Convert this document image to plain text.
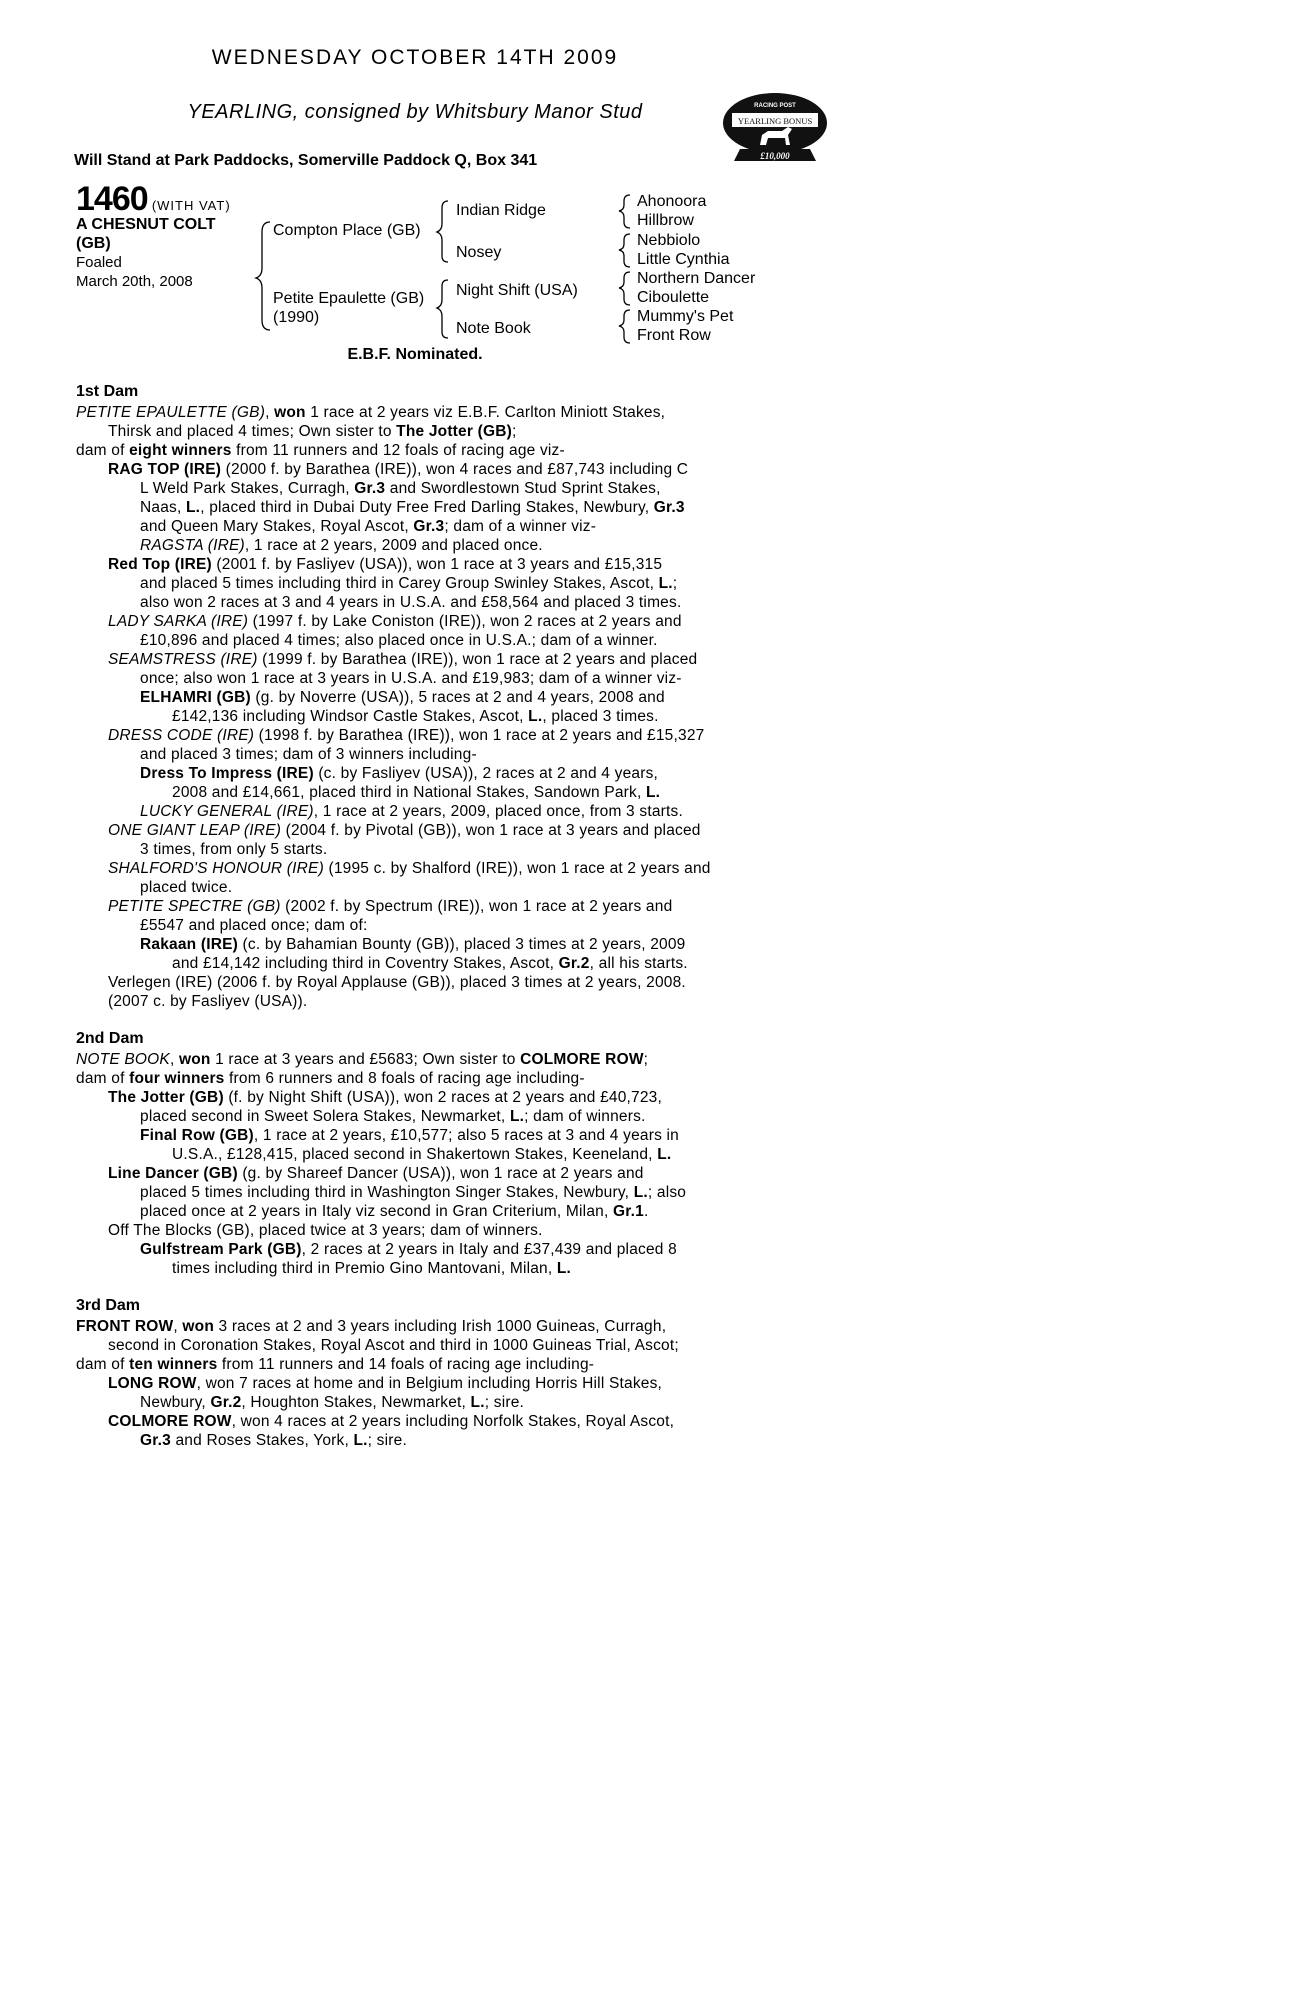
WEDNESDAY OCTOBER 14TH 2009
YEARLING, consigned by Whitsbury Manor Stud
Will Stand at Park Paddocks, Somerville Paddock Q, Box 341
RACING POST
YEARLING BONUS
£10,000
1460 (WITH VAT)
A CHESNUT COLT
(GB)
Foaled
March 20th, 2008
Compton Place (GB)
Petite Epaulette (GB)
(1990)
Indian Ridge
Nosey
Night Shift (USA)
Note Book
Ahonoora
Hillbrow
Nebbiolo
Little Cynthia
Northern Dancer
Ciboulette
Mummy's Pet
Front Row
E.B.F. Nominated.
1st Dam
PETITE EPAULETTE (GB), won 1 race at 2 years viz E.B.F. Carlton Miniott Stakes,
Thirsk and placed 4 times; Own sister to The Jotter (GB);
dam of eight winners from 11 runners and 12 foals of racing age viz-
RAG TOP (IRE) (2000 f. by Barathea (IRE)), won 4 races and £87,743 including C
L Weld Park Stakes, Curragh, Gr.3 and Swordlestown Stud Sprint Stakes,
Naas, L., placed third in Dubai Duty Free Fred Darling Stakes, Newbury, Gr.3
and Queen Mary Stakes, Royal Ascot, Gr.3; dam of a winner viz-
RAGSTA (IRE), 1 race at 2 years, 2009 and placed once.
Red Top (IRE) (2001 f. by Fasliyev (USA)), won 1 race at 3 years and £15,315
and placed 5 times including third in Carey Group Swinley Stakes, Ascot, L.;
also won 2 races at 3 and 4 years in U.S.A. and £58,564 and placed 3 times.
LADY SARKA (IRE) (1997 f. by Lake Coniston (IRE)), won 2 races at 2 years and
£10,896 and placed 4 times; also placed once in U.S.A.; dam of a winner.
SEAMSTRESS (IRE) (1999 f. by Barathea (IRE)), won 1 race at 2 years and placed
once; also won 1 race at 3 years in U.S.A. and £19,983; dam of a winner viz-
ELHAMRI (GB) (g. by Noverre (USA)), 5 races at 2 and 4 years, 2008 and
£142,136 including Windsor Castle Stakes, Ascot, L., placed 3 times.
DRESS CODE (IRE) (1998 f. by Barathea (IRE)), won 1 race at 2 years and £15,327
and placed 3 times; dam of 3 winners including-
Dress To Impress (IRE) (c. by Fasliyev (USA)), 2 races at 2 and 4 years,
2008 and £14,661, placed third in National Stakes, Sandown Park, L.
LUCKY GENERAL (IRE), 1 race at 2 years, 2009, placed once, from 3 starts.
ONE GIANT LEAP (IRE) (2004 f. by Pivotal (GB)), won 1 race at 3 years and placed
3 times, from only 5 starts.
SHALFORD'S HONOUR (IRE) (1995 c. by Shalford (IRE)), won 1 race at 2 years and
placed twice.
PETITE SPECTRE (GB) (2002 f. by Spectrum (IRE)), won 1 race at 2 years and
£5547 and placed once; dam of:
Rakaan (IRE) (c. by Bahamian Bounty (GB)), placed 3 times at 2 years, 2009
and £14,142 including third in Coventry Stakes, Ascot, Gr.2, all his starts.
Verlegen (IRE) (2006 f. by Royal Applause (GB)), placed 3 times at 2 years, 2008.
(2007 c. by Fasliyev (USA)).
2nd Dam
NOTE BOOK, won 1 race at 3 years and £5683; Own sister to COLMORE ROW;
dam of four winners from 6 runners and 8 foals of racing age including-
The Jotter (GB) (f. by Night Shift (USA)), won 2 races at 2 years and £40,723,
placed second in Sweet Solera Stakes, Newmarket, L.; dam of winners.
Final Row (GB), 1 race at 2 years, £10,577; also 5 races at 3 and 4 years in
U.S.A., £128,415, placed second in Shakertown Stakes, Keeneland, L.
Line Dancer (GB) (g. by Shareef Dancer (USA)), won 1 race at 2 years and
placed 5 times including third in Washington Singer Stakes, Newbury, L.; also
placed once at 2 years in Italy viz second in Gran Criterium, Milan, Gr.1.
Off The Blocks (GB), placed twice at 3 years; dam of winners.
Gulfstream Park (GB), 2 races at 2 years in Italy and £37,439 and placed 8
times including third in Premio Gino Mantovani, Milan, L.
3rd Dam
FRONT ROW, won 3 races at 2 and 3 years including Irish 1000 Guineas, Curragh,
second in Coronation Stakes, Royal Ascot and third in 1000 Guineas Trial, Ascot;
dam of ten winners from 11 runners and 14 foals of racing age including-
LONG ROW, won 7 races at home and in Belgium including Horris Hill Stakes,
Newbury, Gr.2, Houghton Stakes, Newmarket, L.; sire.
COLMORE ROW, won 4 races at 2 years including Norfolk Stakes, Royal Ascot,
Gr.3 and Roses Stakes, York, L.; sire.
